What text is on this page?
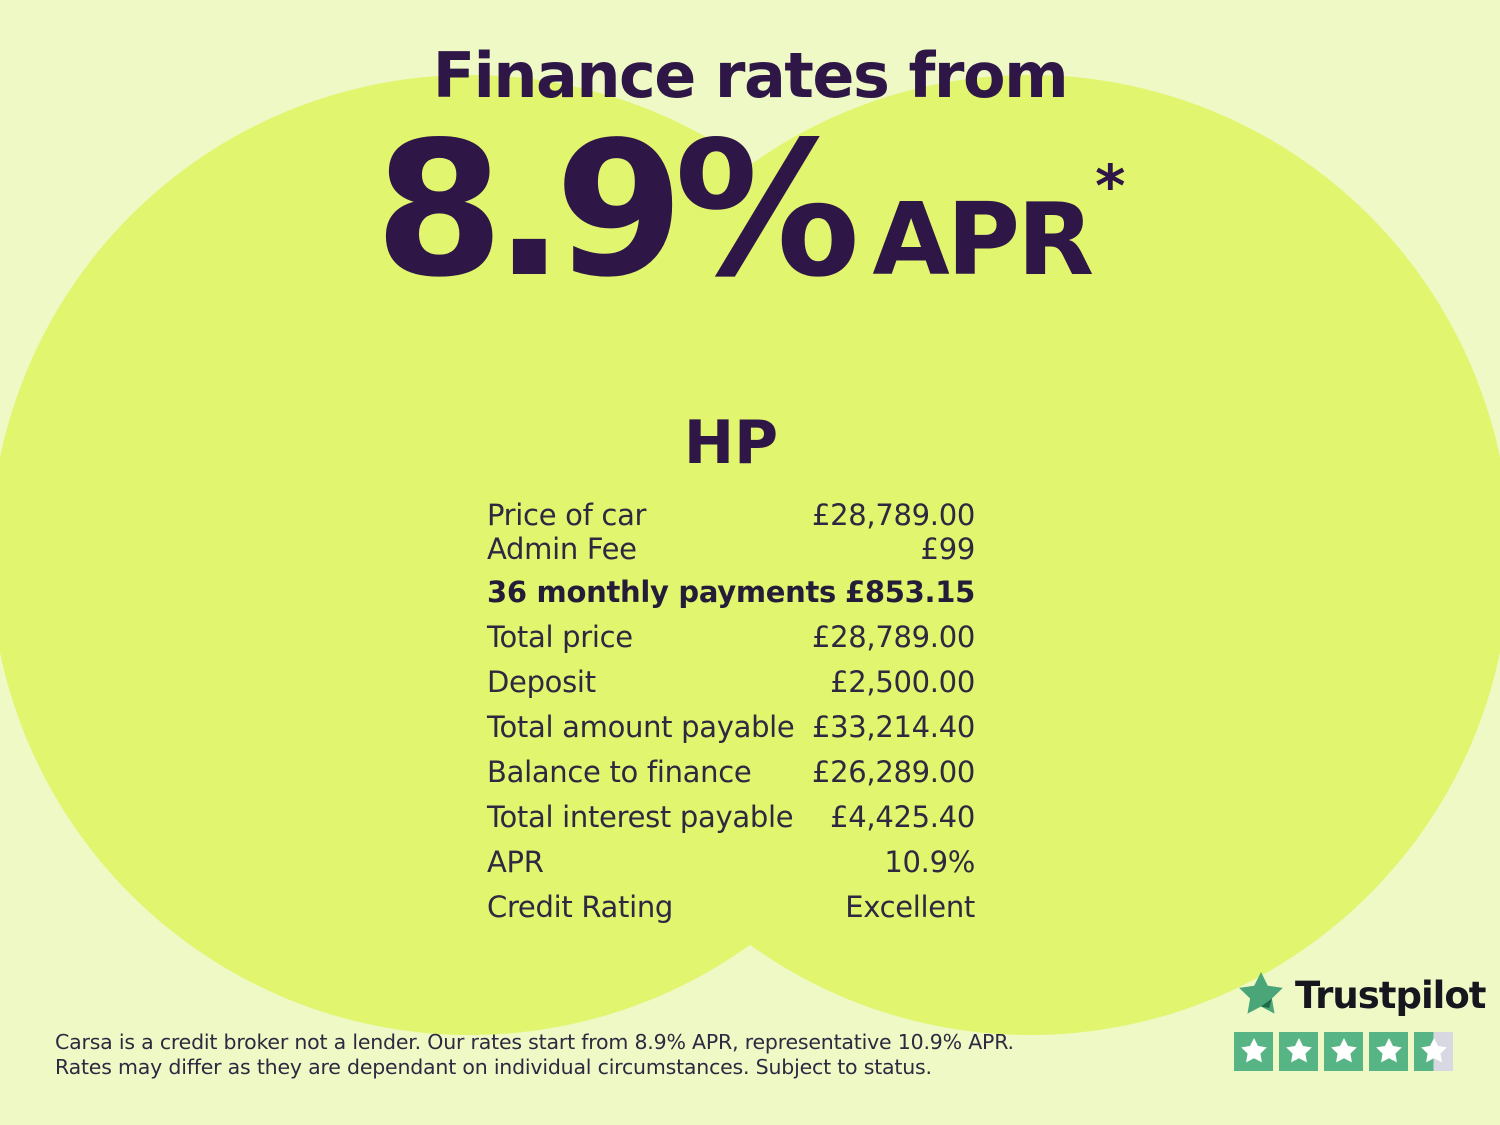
Finance rates from
8.9% APR *
HP
Price of car	£28,789.00
Admin Fee	£99
36 monthly payments £853.15
Total price	£28,789.00
Deposit	£2,500.00
Total amount payable £33,214.40
Balance to finance £26,289.00
Total interest payable £4,425.40
APR	10.9%
Credit Rating	Excellent
Carsa is a credit broker not a lender. Our rates start from 8.9% APR, representative 10.9% APR.
Rates may differ as they are dependant on individual circumstances. Subject to status.
Trustpilot
